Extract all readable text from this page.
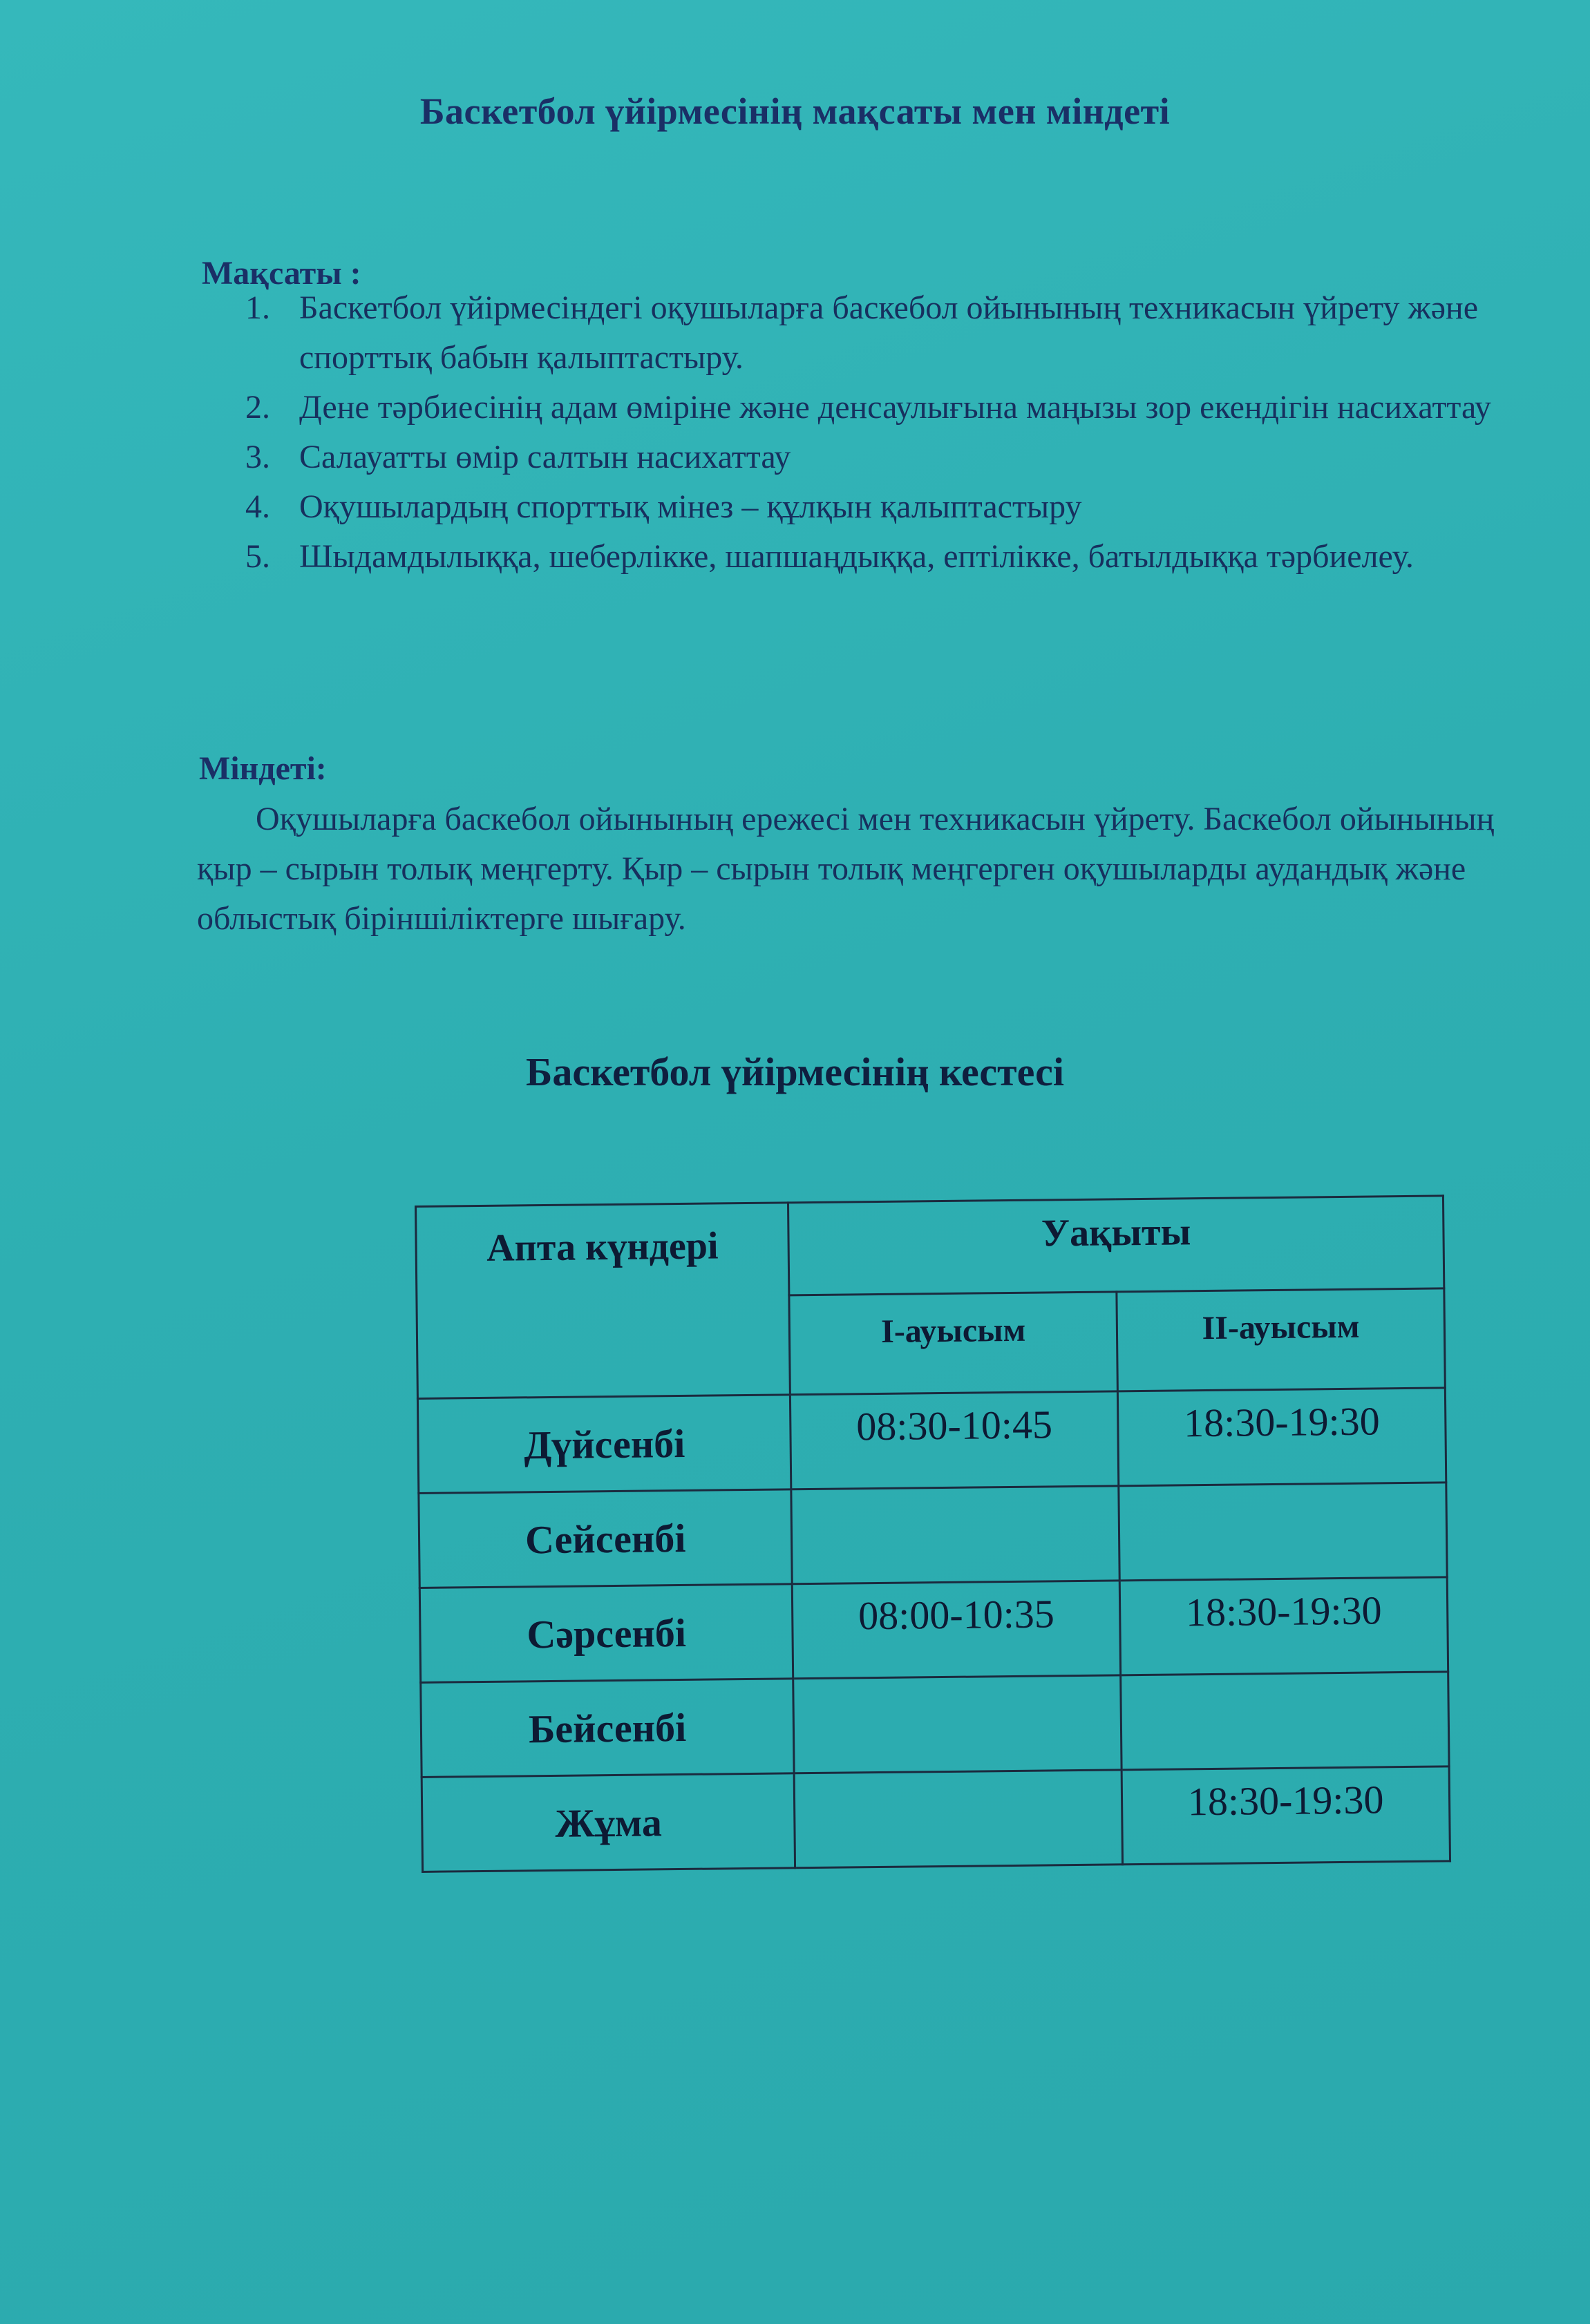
Баскетбол үйірмесінің мақсаты мен міндеті
Мақсаты :
1. Баскетбол үйірмесіндегі оқушыларға баскебол ойынының техникасын үйрету және спорттық бабын қалыптастыру.
2. Дене тәрбиесінің адам өміріне және денсаулығына маңызы зор екендігін насихаттау
3. Салауатты өмір салтын насихаттау
4. Оқушылардың спорттық мінез – құлқын қалыптастыру
5. Шыдамдылыққа, шеберлікке, шапшаңдыққа, ептілікке, батылдыққа тәрбиелеу.
Міндеті:
Оқушыларға баскебол ойынының ережесі мен техникасын үйрету. Баскебол ойынының қыр – сырын толық меңгерту. Қыр – сырын толық меңгерген оқушыларды аудандық және облыстық біріншіліктерге шығару.
Баскетбол үйірмесінің кестесі
Апта күндері	Уақыты	
	I-ауысым	II-ауысым
Дүйсенбі	08:30-10:45	18:30-19:30
Сейсенбі		
Сәрсенбі	08:00-10:35	18:30-19:30
Бейсенбі		
Жұма		18:30-19:30
